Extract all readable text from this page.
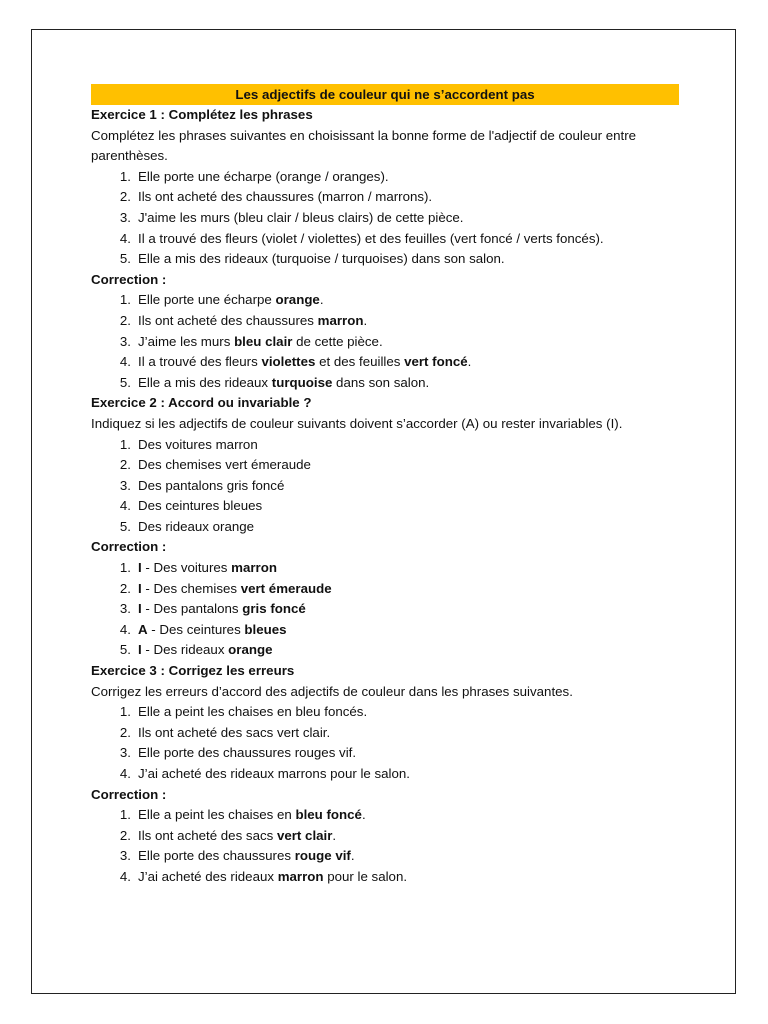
Les adjectifs de couleur qui ne s’accordent pas
Exercice 1 : Complétez les phrases
Complétez les phrases suivantes en choisissant la bonne forme de l'adjectif de couleur entre parenthèses.
1. Elle porte une écharpe (orange / oranges).
2. Ils ont acheté des chaussures (marron / marrons).
3. J'aime les murs (bleu clair / bleus clairs) de cette pièce.
4. Il a trouvé des fleurs (violet / violettes) et des feuilles (vert foncé / verts foncés).
5. Elle a mis des rideaux (turquoise / turquoises) dans son salon.
Correction :
1. Elle porte une écharpe orange.
2. Ils ont acheté des chaussures marron.
3. J’aime les murs bleu clair de cette pièce.
4. Il a trouvé des fleurs violettes et des feuilles vert foncé.
5. Elle a mis des rideaux turquoise dans son salon.
Exercice 2 : Accord ou invariable ?
Indiquez si les adjectifs de couleur suivants doivent s’accorder (A) ou rester invariables (I).
1. Des voitures marron
2. Des chemises vert émeraude
3. Des pantalons gris foncé
4. Des ceintures bleues
5. Des rideaux orange
Correction :
1. I - Des voitures marron
2. I - Des chemises vert émeraude
3. I - Des pantalons gris foncé
4. A - Des ceintures bleues
5. I - Des rideaux orange
Exercice 3 : Corrigez les erreurs
Corrigez les erreurs d’accord des adjectifs de couleur dans les phrases suivantes.
1. Elle a peint les chaises en bleu foncés.
2. Ils ont acheté des sacs vert clair.
3. Elle porte des chaussures rouges vif.
4. J’ai acheté des rideaux marrons pour le salon.
Correction :
1. Elle a peint les chaises en bleu foncé.
2. Ils ont acheté des sacs vert clair.
3. Elle porte des chaussures rouge vif.
4. J’ai acheté des rideaux marron pour le salon.
